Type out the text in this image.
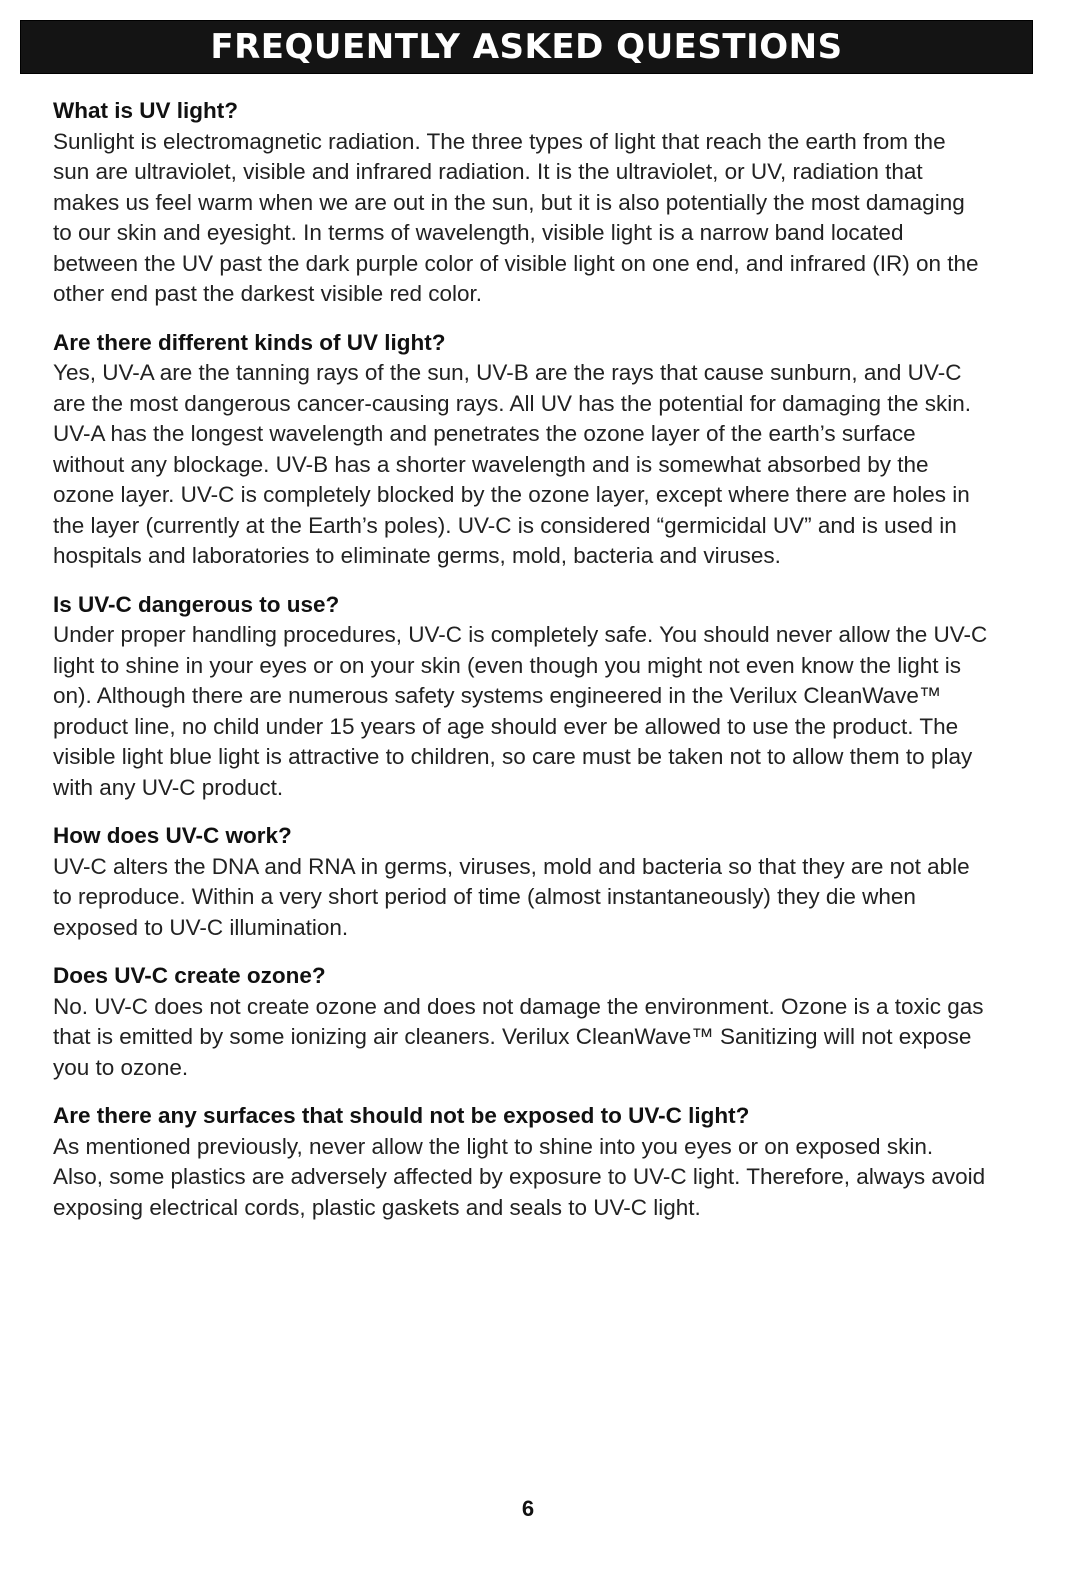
FREQUENTLY ASKED QUESTIONS

What is UV light?

Sunlight is electromagnetic radiation. The three types of light that reach the earth from the sun are ultraviolet, visible and infrared radiation. It is the ultraviolet, or UV, radiation that makes us feel warm when we are out in the sun, but it is also potentially the most damaging to our skin and eyesight. In terms of wavelength, visible light is a narrow band located between the UV past the dark purple color of visible light on one end, and infrared (IR) on the other end past the darkest visible red color.

Are there different kinds of UV light?

Yes, UV-A are the tanning rays of the sun, UV-B are the rays that cause sunburn, and UV-C are the most dangerous cancer-causing rays. All UV has the potential for damaging the skin. UV-A has the longest wavelength and penetrates the ozone layer of the earth’s surface without any blockage. UV-B has a shorter wavelength and is somewhat absorbed by the ozone layer. UV-C is completely blocked by the ozone layer, except where there are holes in the layer (currently at the Earth’s poles). UV-C is considered “germicidal UV” and is used in hospitals and laboratories to eliminate germs, mold, bacteria and viruses.

Is UV-C dangerous to use?

Under proper handling procedures, UV-C is completely safe. You should never allow the UV-C light to shine in your eyes or on your skin (even though you might not even know the light is on). Although there are numerous safety systems engineered in the Verilux CleanWave™ product line, no child under 15 years of age should ever be allowed to use the product. The visible light blue light is attractive to children, so care must be taken not to allow them to play with any UV-C product.

How does UV-C work?

UV-C alters the DNA and RNA in germs, viruses, mold and bacteria so that they are not able to reproduce. Within a very short period of time (almost instantaneously) they die when exposed to UV-C illumination.

Does UV-C create ozone?

No. UV-C does not create ozone and does not damage the environment. Ozone is a toxic gas that is emitted by some ionizing air cleaners. Verilux CleanWave™ Sanitizing will not expose you to ozone.

Are there any surfaces that should not be exposed to UV-C light?

As mentioned previously, never allow the light to shine into you eyes or on exposed skin. Also, some plastics are adversely affected by exposure to UV-C light. Therefore, always avoid exposing electrical cords, plastic gaskets and seals to UV-C light.

6
